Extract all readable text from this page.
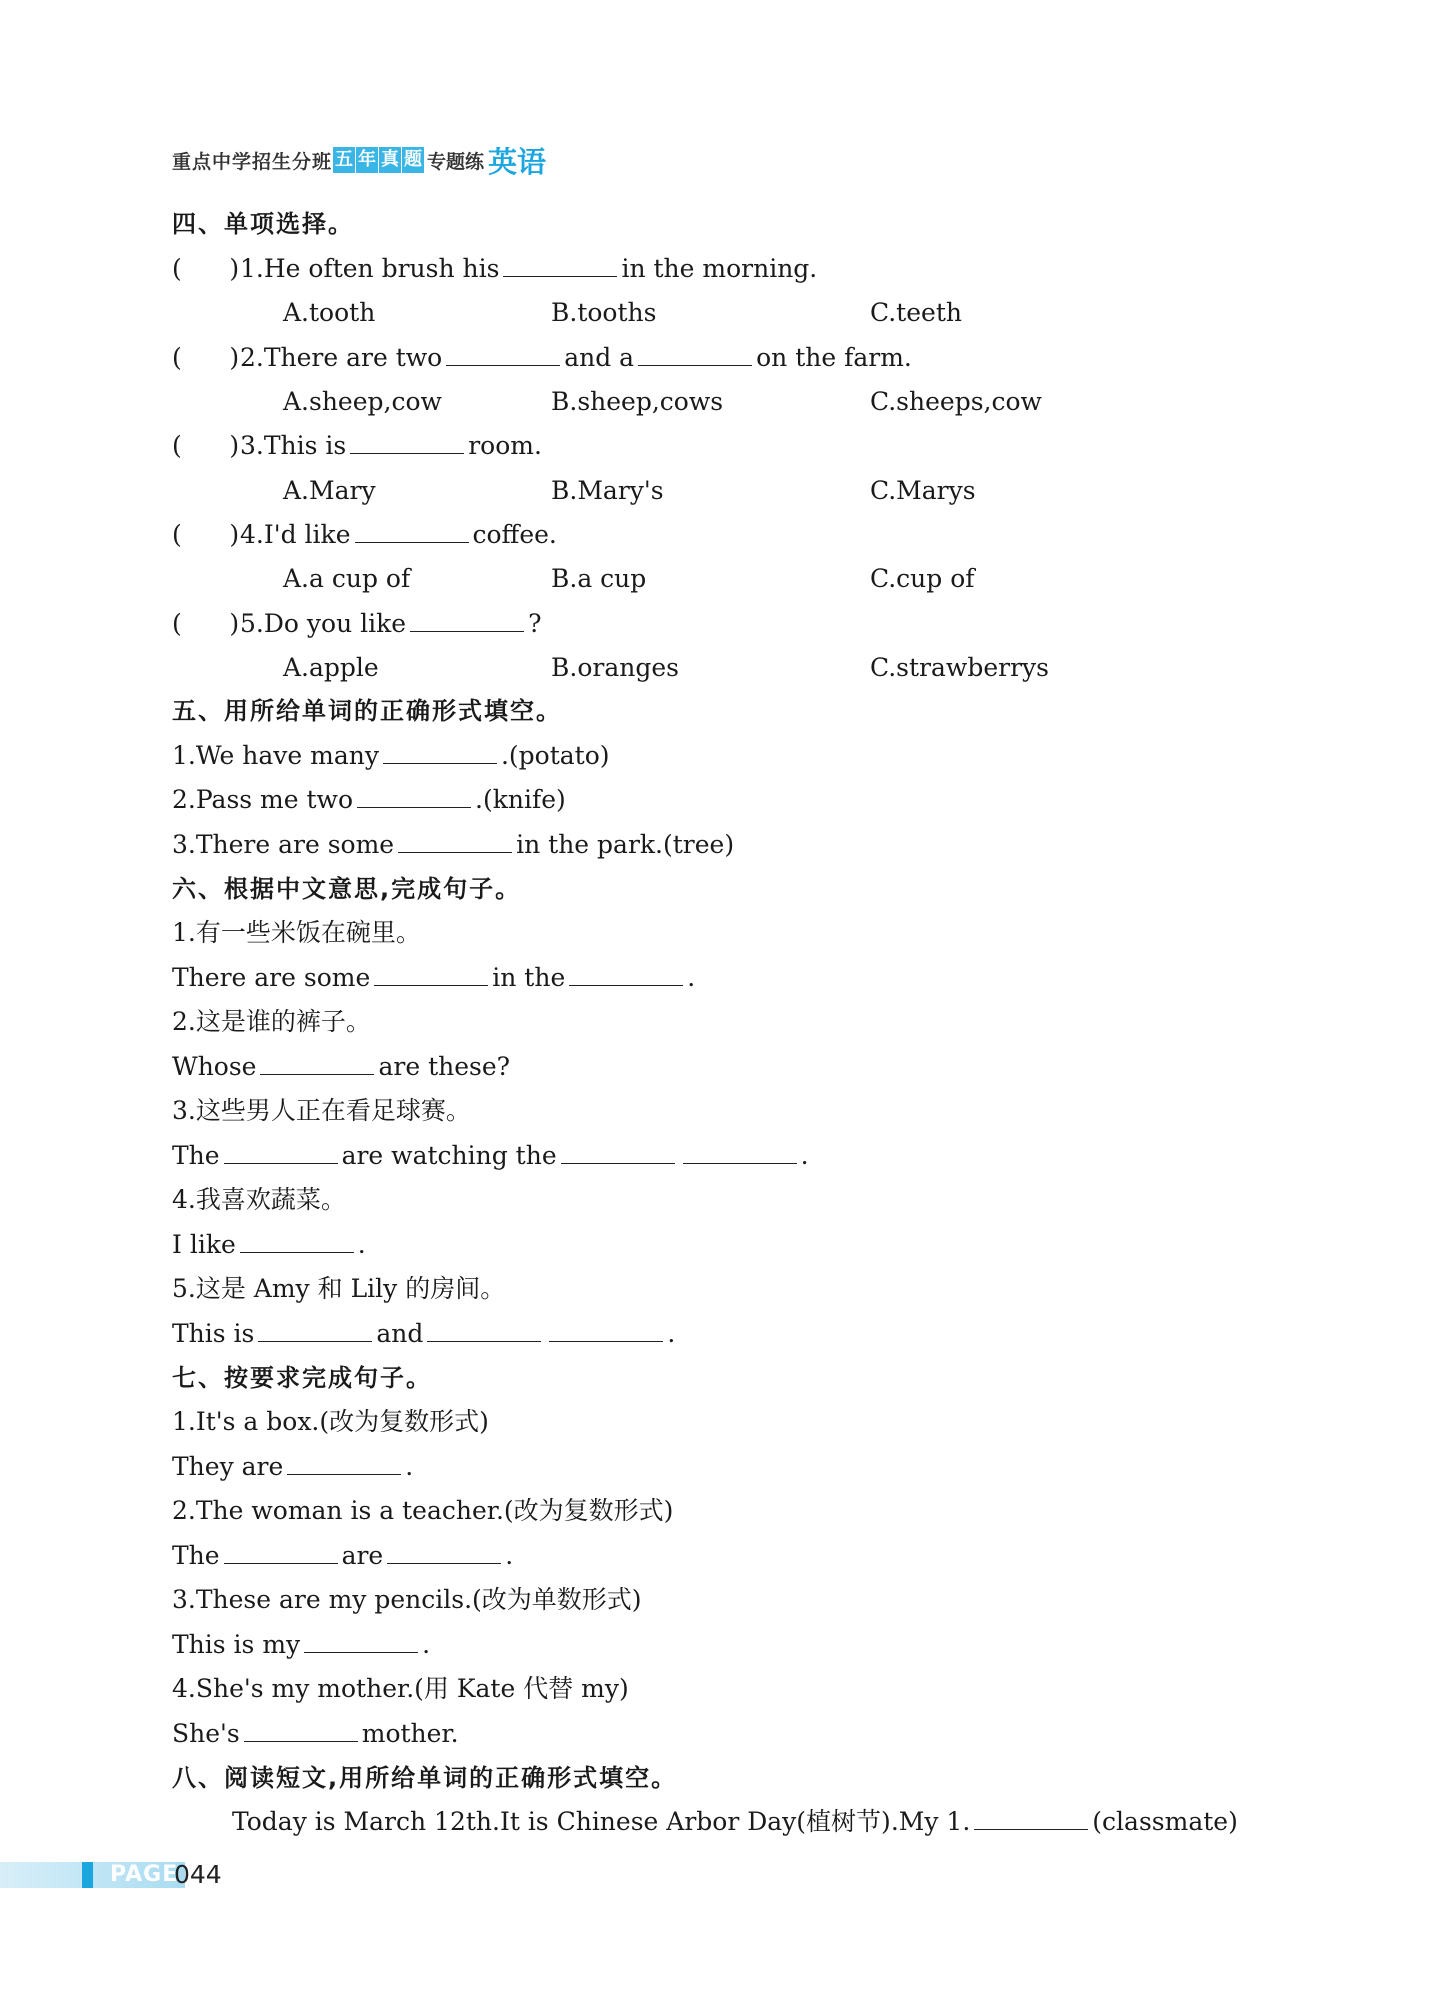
重点中学招生分班 五 年 真 题 专题练 英语
四、单项选择。
(      )1.He often brush his	in the morning.
A.tooth	B.tooths	C.teeth
(      )2.There are two	and a	on the farm.
A.sheep,cow	B.sheep,cows	C.sheeps,cow
(      )3.This is	room.
A.Mary	B.Mary's	C.Marys
(      )4.I'd like	coffee.
A.a cup of	B.a cup	C.cup of
(      )5.Do you like	?
A.apple	B.oranges	C.strawberrys
五、用所给单词的正确形式填空。
1.We have many	.(potato)
2.Pass me two	.(knife)
3.There are some	in the park.(tree)
六、根据中文意思,完成句子。
1.有一些米饭在碗里。
There are some	in the	.
2.这是谁的裤子。
Whose	are these?
3.这些男人正在看足球赛。
The	are watching the	.
4.我喜欢蔬菜。
I like	.
5.这是 Amy 和 Lily 的房间。
This is	and	.
七、按要求完成句子。
1.It's a box.(改为复数形式)
They are	.
2.The woman is a teacher.(改为复数形式)
The	are	.
3.These are my pencils.(改为单数形式)
This is my	.
4.She's my mother.(用 Kate 代替 my)
She's	mother.
八、阅读短文,用所给单词的正确形式填空。
Today is March 12th.It is Chinese Arbor Day(植树节).My 1.	(classmate)
PAGE
044
